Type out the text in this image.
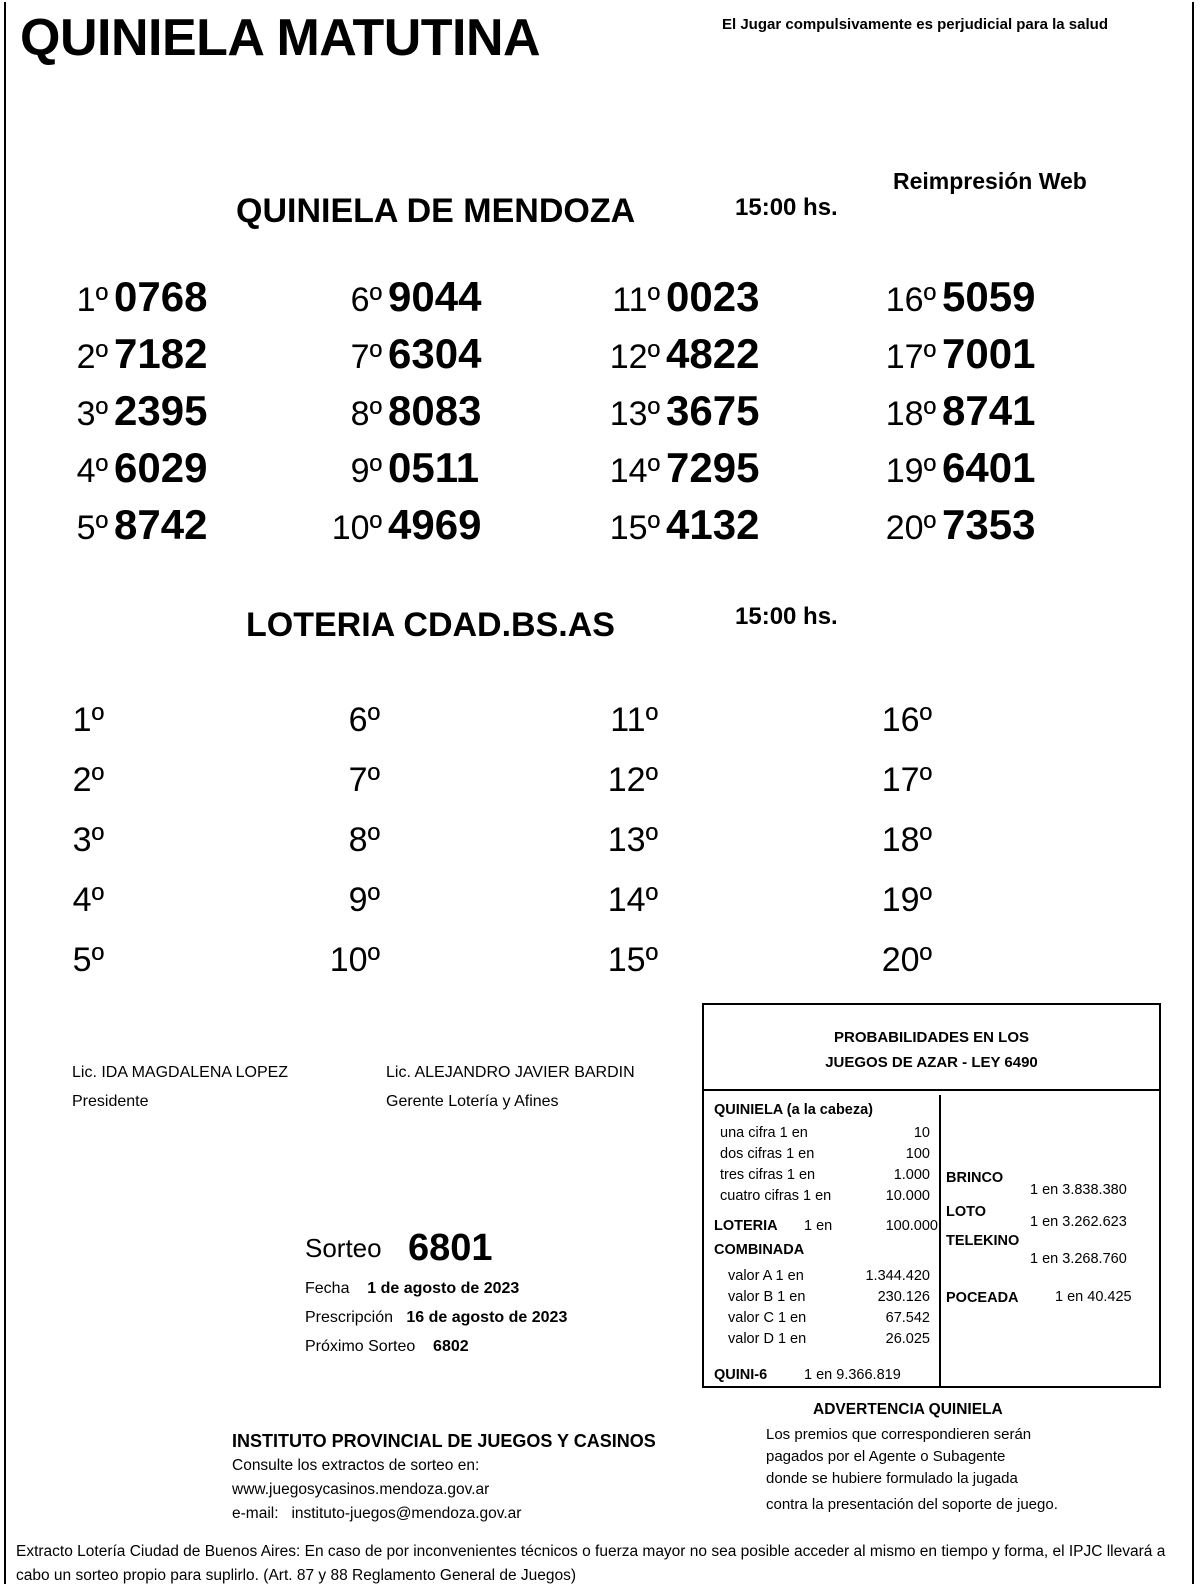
QUINIELA MATUTINA	El Jugar compulsivamente es perjudicial para la salud
Reimpresión Web
QUINIELA DE MENDOZA	15:00 hs.
1º 0768
2º 7182
3º 2395
4º 6029
5º 8742
6º 9044
7º 6304
8º 8083
9º 0511
10º 4969
11º 0023
12º 4822
13º 3675
14º 7295
15º 4132
16º 5059
17º 7001
18º 8741
19º 6401
20º 7353
LOTERIA CDAD.BS.AS	15:00 hs.
1º
2º
3º
4º
5º
6º
7º
8º
9º
10º
11º
12º
13º
14º
15º
16º
17º
18º
19º
20º
Lic. IDA MAGDALENA LOPEZ
Presidente
Lic. ALEJANDRO JAVIER BARDIN
Gerente Lotería y Afines
Sorteo 6801
Fecha 1 de agosto de 2023
Prescripción 16 de agosto de 2023
Próximo Sorteo 6802
PROBABILIDADES EN LOS
JUEGOS DE AZAR - LEY 6490
QUINIELA (a la cabeza)
una cifra 1 en	10
dos cifras 1 en	100
tres cifras 1 en	1.000
cuatro cifras 1 en	10.000
LOTERIA 1 en	100.000
COMBINADA
valor A 1 en	1.344.420
valor B 1 en	230.126
valor C 1 en	67.542
valor D 1 en	26.025
QUINI-6	1 en 9.366.819
BRINCO
1 en 3.838.380
LOTO
1 en 3.262.623
TELEKINO
1 en 3.268.760
POCEADA	1 en 40.425
ADVERTENCIA QUINIELA
Los premios que correspondieren serán
pagados por el Agente o Subagente
donde se hubiere formulado la jugada
contra la presentación del soporte de juego.
INSTITUTO PROVINCIAL DE JUEGOS Y CASINOS
Consulte los extractos de sorteo en:
www.juegosycasinos.mendoza.gov.ar
e-mail: instituto-juegos@mendoza.gov.ar
Extracto Lotería Ciudad de Buenos Aires: En caso de por inconvenientes técnicos o fuerza mayor no sea posible acceder al mismo en tiempo y forma, el IPJC llevará a cabo un sorteo propio para suplirlo. (Art. 87 y 88 Reglamento General de Juegos)
